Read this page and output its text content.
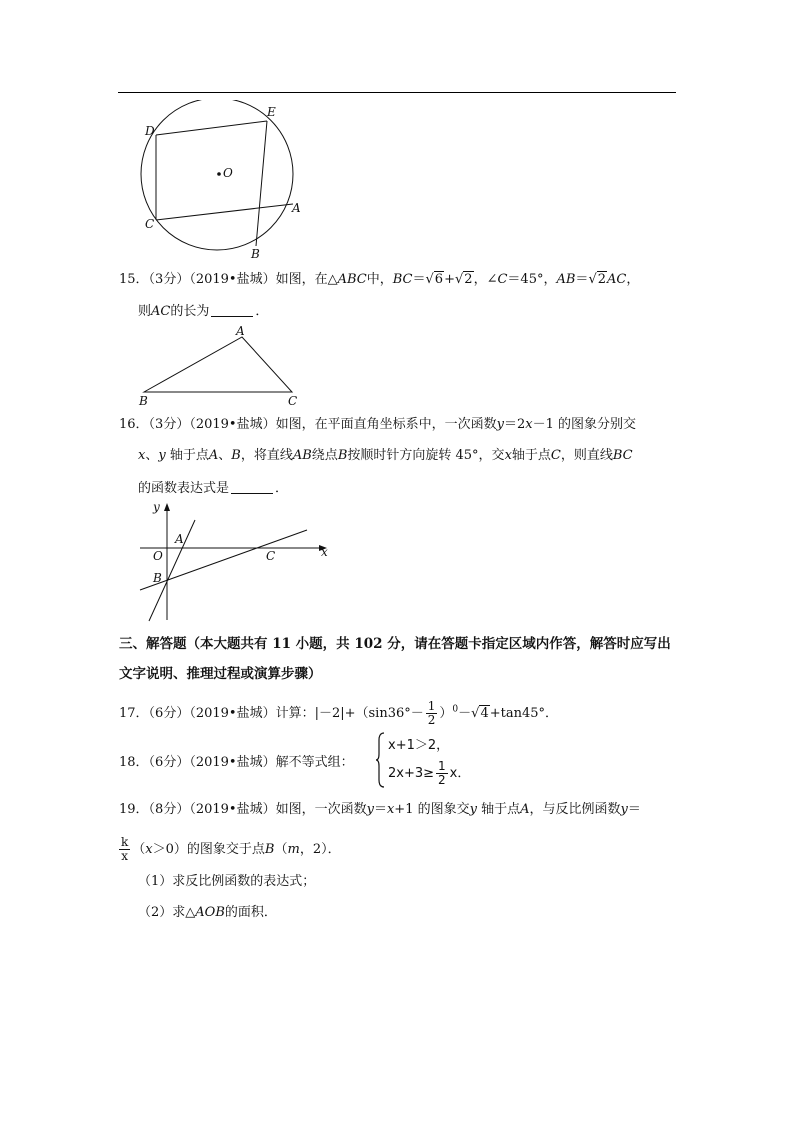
D
E
O
A
C
B
15．（3分）（2019•盐城）如图，在△ABC中，BC＝√6+√2，∠C＝45°，AB＝√2AC，
则AC的长为	．
A
B	C
16．（3分）（2019•盐城）如图，在平面直角坐标系中，一次函数y＝2x－1 的图象分别交
x、y 轴于点A、B，将直线AB绕点B按顺时针方向旋转 45°，交x轴于点C，则直线BC
的函数表达式是	．
y
A
O	C	x
B
三、解答题（本大题共有 11 小题，共 102 分，请在答题卡指定区域内作答，解答时应写出
文字说明、推理过程或演算步骤）
17．（6分）（2019•盐城）计算：$|-2|+(\sin 36^\circ- \frac{1}{2} )^0-√4+\tan 45^\circ$．
18．（6分）（2019•盐城）解不等式组：
x+1＞2，
$2x+3\ge \frac{1}{2}$ x．
19．（8分）（2019•盐城）如图，一次函数y＝x+1 的图象交y 轴于点A，与反比例函数y＝
$\frac{k}{x} (x>0)$的图象交于点B（m，2）．
（1）求反比例函数的表达式；
（2）求△AOB的面积．
